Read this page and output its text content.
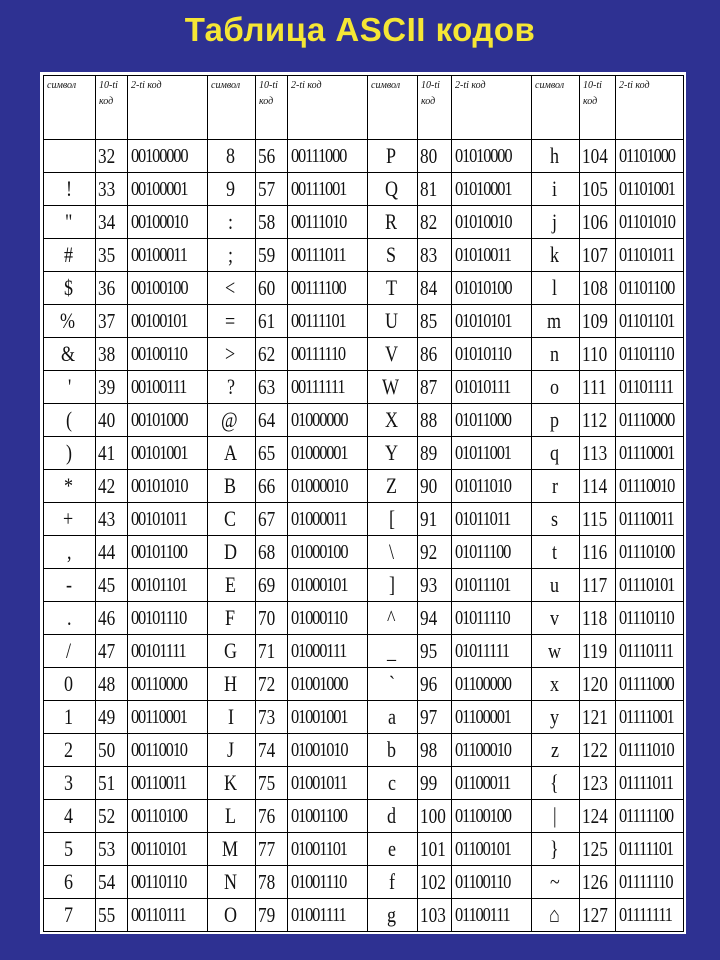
Таблица ASCII кодов
символ	10-ti код	2-ti код	символ	10-ti код	2-ti код	символ	10-ti код	2-ti код	символ	10-ti код	2-ti код
	32	00100000	8	56	00111000	P	80	01010000	h	104	01101000
!	33	00100001	9	57	00111001	Q	81	01010001	i	105	01101001
"	34	00100010	:	58	00111010	R	82	01010010	j	106	01101010
#	35	00100011	;	59	00111011	S	83	01010011	k	107	01101011
$	36	00100100	<	60	00111100	T	84	01010100	l	108	01101100
%	37	00100101	=	61	00111101	U	85	01010101	m	109	01101101
&	38	00100110	>	62	00111110	V	86	01010110	n	110	01101110
'	39	00100111	?	63	00111111	W	87	01010111	o	111	01101111
(	40	00101000	@	64	01000000	X	88	01011000	p	112	01110000
)	41	00101001	A	65	01000001	Y	89	01011001	q	113	01110001
*	42	00101010	B	66	01000010	Z	90	01011010	r	114	01110010
+	43	00101011	C	67	01000011	[	91	01011011	s	115	01110011
,	44	00101100	D	68	01000100	\	92	01011100	t	116	01110100
-	45	00101101	E	69	01000101	]	93	01011101	u	117	01110101
.	46	00101110	F	70	01000110	^	94	01011110	v	118	01110110
/	47	00101111	G	71	01000111	_	95	01011111	w	119	01110111
0	48	00110000	H	72	01001000	`	96	01100000	x	120	01111000
1	49	00110001	I	73	01001001	a	97	01100001	y	121	01111001
2	50	00110010	J	74	01001010	b	98	01100010	z	122	01111010
3	51	00110011	K	75	01001011	c	99	01100011	{	123	01111011
4	52	00110100	L	76	01001100	d	100	01100100	|	124	01111100
5	53	00110101	M	77	01001101	e	101	01100101	}	125	01111101
6	54	00110110	N	78	01001110	f	102	01100110	~	126	01111110
7	55	00110111	O	79	01001111	g	103	01100111	⌂	127	01111111
